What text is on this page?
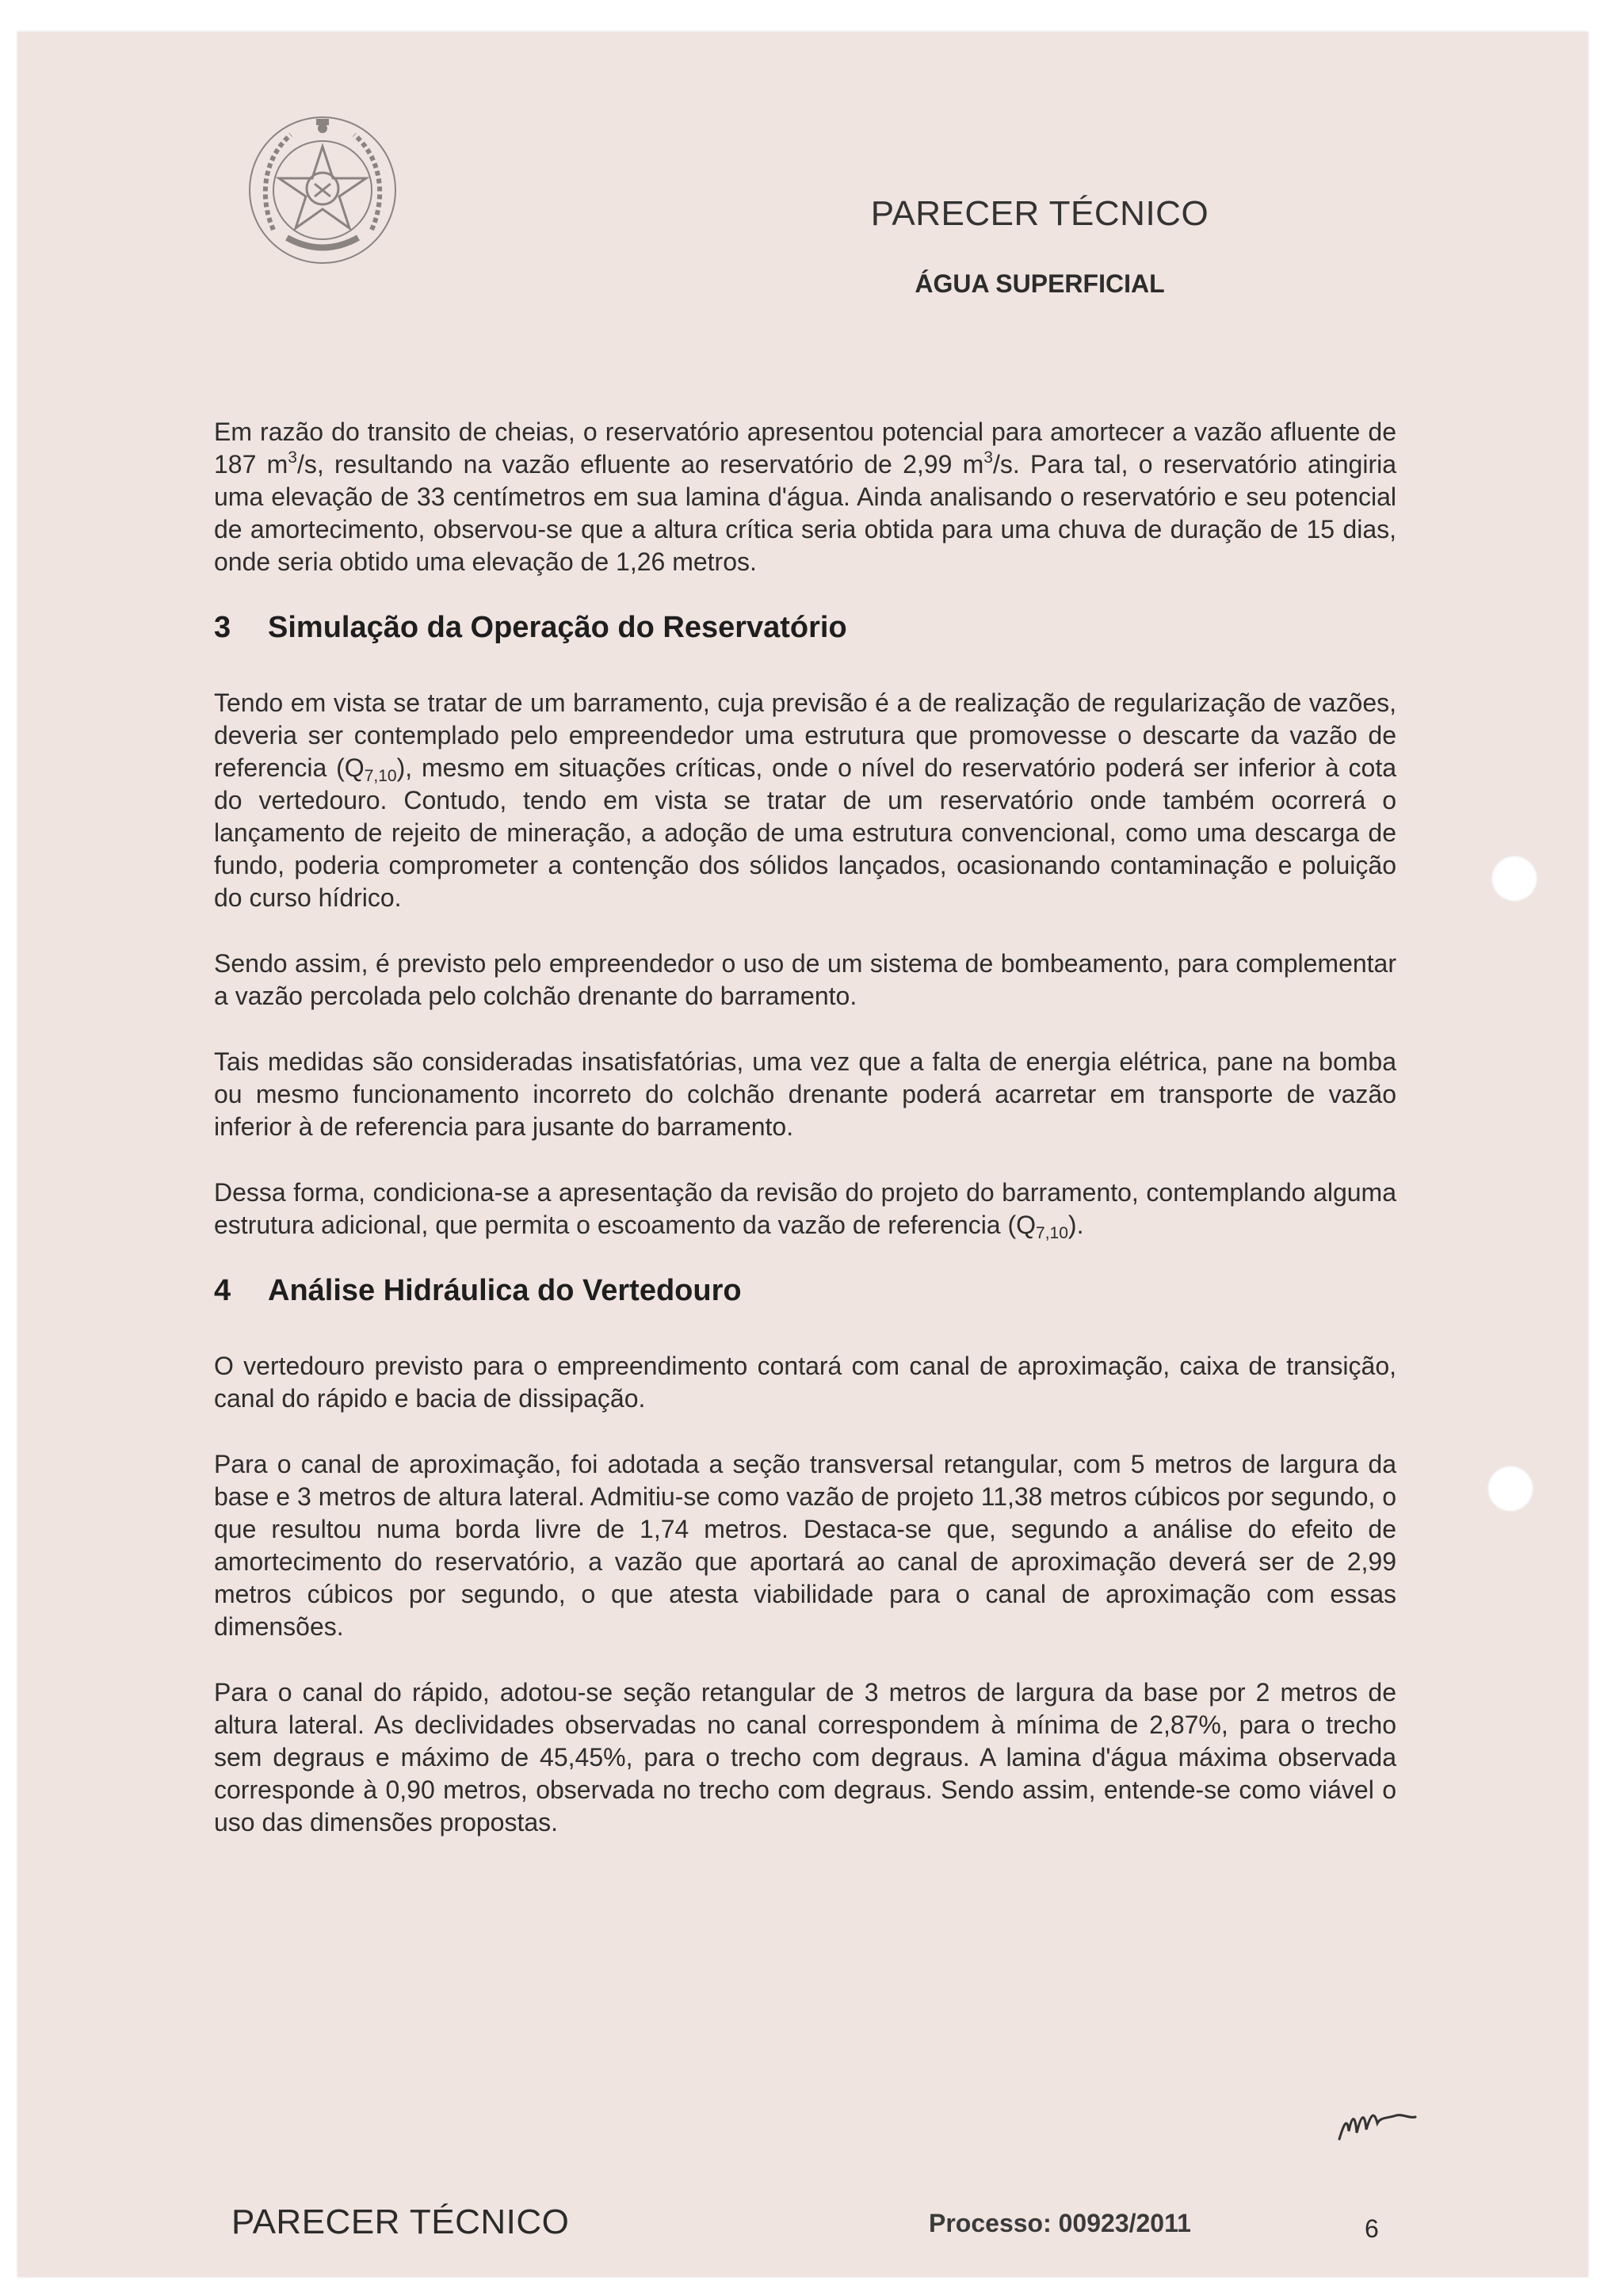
PARECER TÉCNICO
ÁGUA SUPERFICIAL

Em razão do transito de cheias, o reservatório apresentou potencial para amortecer a vazão afluente de 187 $m^3/s$, resultando na vazão efluente ao reservatório de 2,99 $m^3/s$. Para tal, o reservatório atingiria uma elevação de 33 centímetros em sua lamina d'água. Ainda analisando o reservatório e seu potencial de amortecimento, observou-se que a altura crítica seria obtida para uma chuva de duração de 15 dias, onde seria obtido uma elevação de 1,26 metros.

3 Simulação da Operação do Reservatório

Tendo em vista se tratar de um barramento, cuja previsão é a de realização de regularização de vazões, deveria ser contemplado pelo empreendedor uma estrutura que promovesse o descarte da vazão de referencia $(Q_{7,10})$, mesmo em situações críticas, onde o nível do reservatório poderá ser inferior à cota do vertedouro. Contudo, tendo em vista se tratar de um reservatório onde também ocorrerá o lançamento de rejeito de mineração, a adoção de uma estrutura convencional, como uma descarga de fundo, poderia comprometer a contenção dos sólidos lançados, ocasionando contaminação e poluição do curso hídrico.

Sendo assim, é previsto pelo empreendedor o uso de um sistema de bombeamento, para complementar a vazão percolada pelo colchão drenante do barramento.

Tais medidas são consideradas insatisfatórias, uma vez que a falta de energia elétrica, pane na bomba ou mesmo funcionamento incorreto do colchão drenante poderá acarretar em transporte de vazão inferior à de referencia para jusante do barramento.

Dessa forma, condiciona-se a apresentação da revisão do projeto do barramento, contemplando alguma estrutura adicional, que permita o escoamento da vazão de referencia $(Q_{7,10})$.

4 Análise Hidráulica do Vertedouro

O vertedouro previsto para o empreendimento contará com canal de aproximação, caixa de transição, canal do rápido e bacia de dissipação.

Para o canal de aproximação, foi adotada a seção transversal retangular, com 5 metros de largura da base e 3 metros de altura lateral. Admitiu-se como vazão de projeto 11,38 metros cúbicos por segundo, o que resultou numa borda livre de 1,74 metros. Destaca-se que, segundo a análise do efeito de amortecimento do reservatório, a vazão que aportará ao canal de aproximação deverá ser de 2,99 metros cúbicos por segundo, o que atesta viabilidade para o canal de aproximação com essas dimensões.

Para o canal do rápido, adotou-se seção retangular de 3 metros de largura da base por 2 metros de altura lateral. As declividades observadas no canal correspondem à mínima de 2,87%, para o trecho sem degraus e máximo de 45,45%, para o trecho com degraus. A lamina d'água máxima observada corresponde à 0,90 metros, observada no trecho com degraus. Sendo assim, entende-se como viável o uso das dimensões propostas.

PARECER TÉCNICO	Processo: 00923/2011	6
